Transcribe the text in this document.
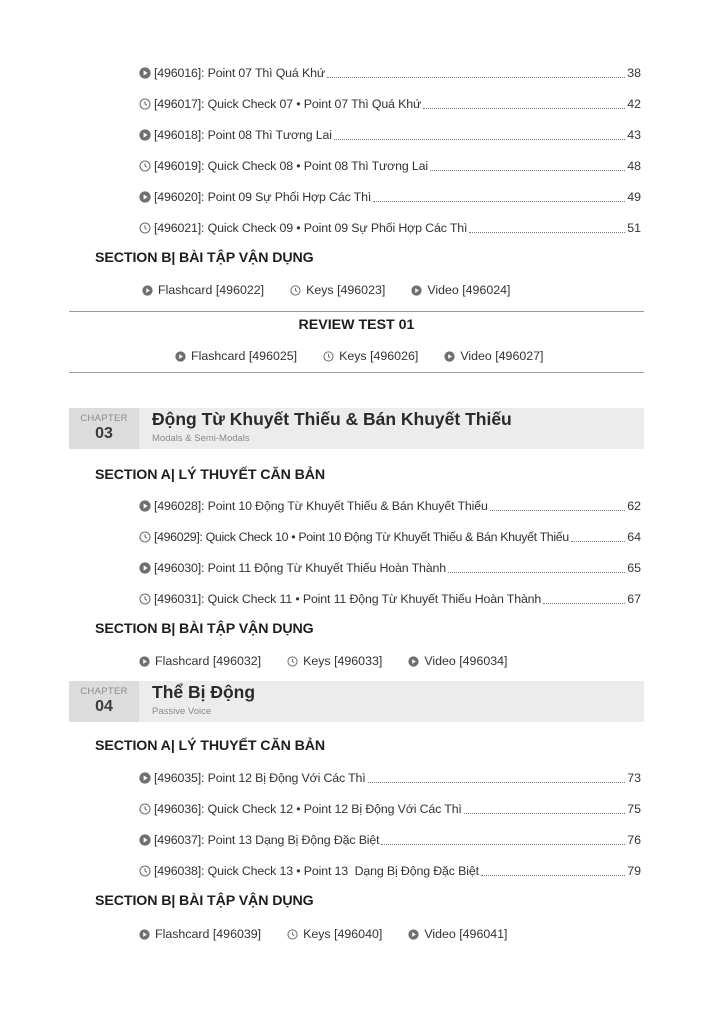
[496016]: Point 07 Thì Quá Khứ	38
[496017]: Quick Check 07 • Point 07 Thì Quá Khứ	42
[496018]: Point 08 Thì Tương Lai	43
[496019]: Quick Check 08 • Point 08 Thì Tương Lai	48
[496020]: Point 09 Sự Phối Hợp Các Thì	49
[496021]: Quick Check 09 • Point 09 Sự Phối Hợp Các Thì	51
SECTION B| BÀI TẬP VẬN DỤNG
Flashcard [496022]	Keys [496023]	Video [496024]
REVIEW TEST 01
Flashcard [496025]	Keys [496026]	Video [496027]
CHAPTER
03
Động Từ Khuyết Thiếu & Bán Khuyết Thiếu
Modals & Semi-Modals
SECTION A| LÝ THUYẾT CĂN BẢN
[496028]: Point 10 Động Từ Khuyết Thiếu & Bán Khuyết Thiếu	62
[496029]: Quick Check 10 • Point 10 Động Từ Khuyết Thiếu & Bán Khuyết Thiếu	64
[496030]: Point 11 Động Từ Khuyết Thiếu Hoàn Thành	65
[496031]: Quick Check 11 • Point 11 Động Từ Khuyết Thiếu Hoàn Thành	67
SECTION B| BÀI TẬP VẬN DỤNG
Flashcard [496032]	Keys [496033]	Video [496034]
CHAPTER
04
Thể Bị Động
Passive Voice
SECTION A| LÝ THUYẾT CĂN BẢN
[496035]: Point 12 Bị Động Với Các Thì	73
[496036]: Quick Check 12 • Point 12 Bị Động Với Các Thì	75
[496037]: Point 13 Dạng Bị Động Đặc Biệt	76
[496038]: Quick Check 13 • Point 13  Dạng Bị Động Đặc Biệt	79
SECTION B| BÀI TẬP VẬN DỤNG
Flashcard [496039]	Keys [496040]	Video [496041]
